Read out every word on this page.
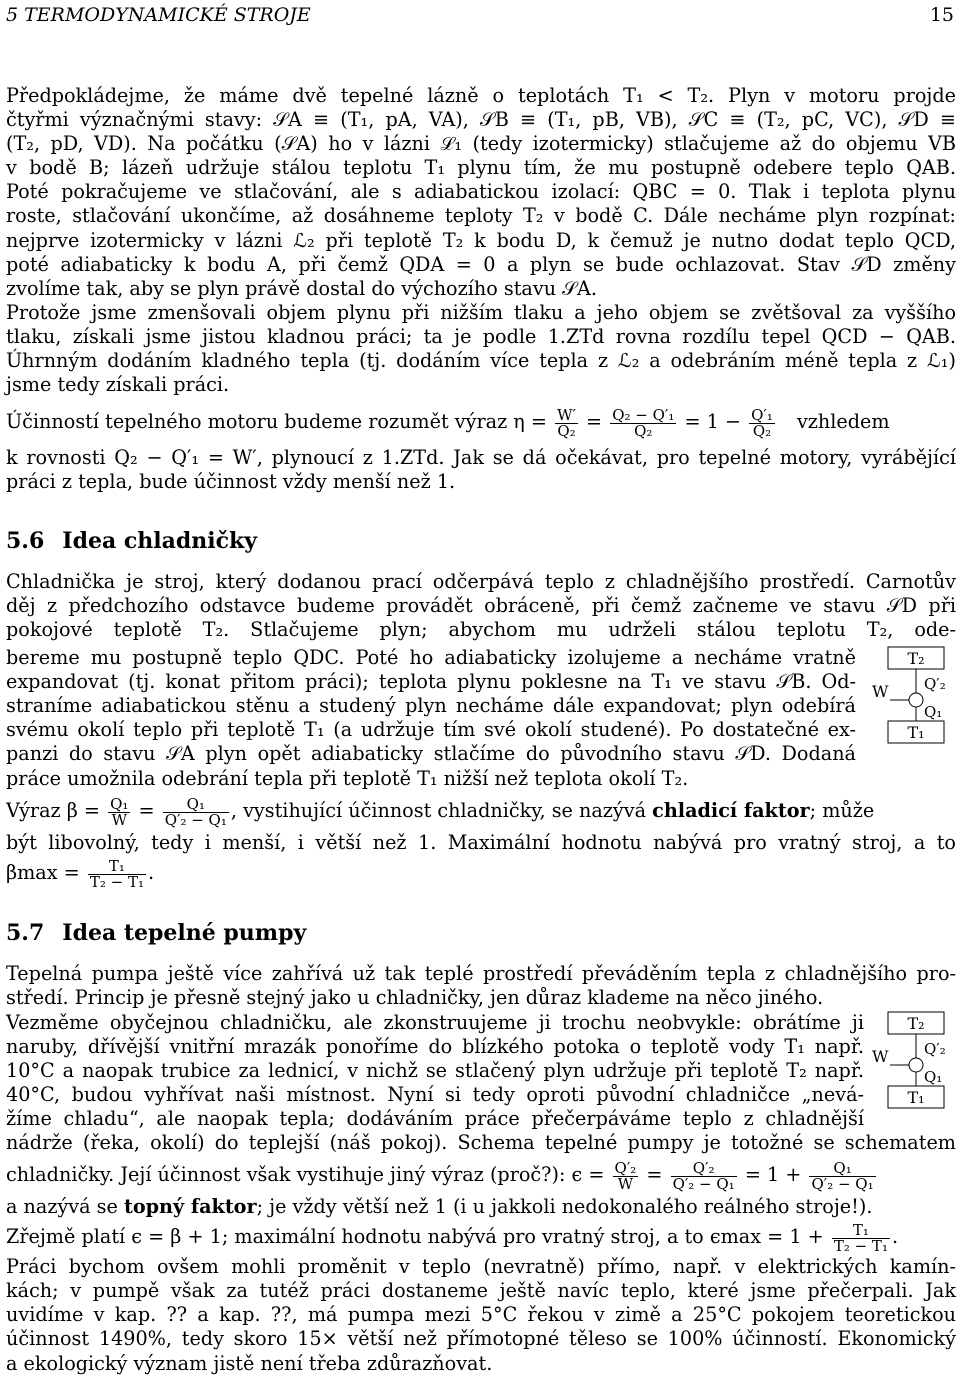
5 TERMODYNAMICKÉ STROJE	15
Předpokládejme, že máme dvě tepelné lázně o teplotách T₁ < T₂. Plyn v motoru projde
čtyřmi význačnými stavy: 𝒮A ≡ (T₁, pA, VA), 𝒮B ≡ (T₁, pB, VB), 𝒮C ≡ (T₂, pC, VC), 𝒮D ≡
(T₂, pD, VD). Na počátku (𝒮A) ho v lázni ℒ₁ (tedy izotermicky) stlačujeme až do objemu VB
v bodě B; lázeň udržuje stálou teplotu T₁ plynu tím, že mu postupně odebere teplo QAB.
Poté pokračujeme ve stlačování, ale s adiabatickou izolací: QBC = 0. Tlak i teplota plynu
roste, stlačování ukončíme, až dosáhneme teploty T₂ v bodě C. Dále necháme plyn rozpínat:
nejprve izotermicky v lázni ℒ₂ při teplotě T₂ k bodu D, k čemuž je nutno dodat teplo QCD,
poté adiabaticky k bodu A, při čemž QDA = 0 a plyn se bude ochlazovat. Stav 𝒮D změny
zvolíme tak, aby se plyn právě dostal do výchozího stavu 𝒮A.
Protože jsme zmenšovali objem plynu při nižším tlaku a jeho objem se zvětšoval za vyššího
tlaku, získali jsme jistou kladnou práci; ta je podle 1.ZTd rovna rozdílu tepel QCD − QAB.
Úhrnným dodáním kladného tepla (tj. dodáním více tepla z ℒ₂ a odebráním méně tepla z ℒ₁)
jsme tedy získali práci.
Účinností tepelného motoru budeme rozumět výraz $\eta = \frac{W'}{\text{Q₂}} = \frac{\text{Q₂ − Q′₁}}{\text{Q₂}} = 1 - \frac{\text{Q′₁}}{\text{Q₂}}$ vzhledem
k rovnosti Q₂ − Q′₁ = W′, plynoucí z 1.ZTd. Jak se dá očekávat, pro tepelné motory, vyrábějící
práci z tepla, bude účinnost vždy menší než 1.
5.6 Idea chladničky
Chladnička je stroj, který dodanou prací odčerpává teplo z chladnějšího prostředí. Carnotův
děj z předchozího odstavce budeme provádět obráceně, při čemž začneme ve stavu 𝒮D při
pokojové teplotě T₂. Stlačujeme plyn; abychom mu udrželi stálou teplotu T₂, ode-
bereme mu postupně teplo QDC. Poté ho adiabaticky izolujeme a necháme vratně
expandovat (tj. konat přitom práci); teplota plynu poklesne na T₁ ve stavu 𝒮B. Od-
straníme adiabatickou stěnu a studený plyn necháme dále expandovat; plyn odebírá
svému okolí teplo při teplotě T₁ (a udržuje tím své okolí studené). Po dostatečné ex-
panzi do stavu 𝒮A plyn opět adiabaticky stlačíme do původního stavu 𝒮D. Dodaná
práce umožnila odebrání tepla při teplotě T₁ nižší než teplota okolí T₂.
Výraz $\beta = \frac{\text{Q₁}}{W} = \frac{\text{Q₁}}{\text{Q′₂ − Q₁}}$ , vystihující účinnost chladničky, se nazývá chladicí faktor; může
být libovolný, tedy i menší, i větší než 1. Maximální hodnotu nabývá pro vratný stroj, a to
$\beta\max = \frac{\text{T₁}}{\text{T₂ − T₁}}$ .
T₂
W Q′₂
Q₁
T₁
5.7 Idea tepelné pumpy
Tepelná pumpa ještě více zahřívá už tak teplé prostředí převáděním tepla z chladnějšího pro-
středí. Princip je přesně stejný jako u chladničky, jen důraz klademe na něco jiného.
Vezměme obyčejnou chladničku, ale zkonstruujeme ji trochu neobvykle: obrátíme ji
naruby, dřívější vnitřní mrazák ponoříme do blízkého potoka o teplotě vody T₁ např.
10°C a naopak trubice za lednicí, v nichž se stlačený plyn udržuje při teplotě T₂ např.
40°C, budou vyhřívat naši místnost. Nyní si tedy oproti původní chladničce „nevá-
žíme chladu“, ale naopak tepla; dodáváním práce přečerpáváme teplo z chladnější
nádrže (řeka, okolí) do teplejší (náš pokoj). Schema tepelné pumpy je totožné se schematem
chladničky. Její účinnost však vystihuje jiný výraz (proč?): $\epsilon = \frac{\text{Q′₂}}{W} = \frac{\text{Q′₂}}{\text{Q′₂ − Q₁}} = 1 + \frac{\text{Q₁}}{\text{Q′₂ − Q₁}}$
a nazývá se topný faktor; je vždy větší než 1 (i u jakkoli nedokonalého reálného stroje!).
Zřejmě platí ϵ = β + 1; maximální hodnotu nabývá pro vratný stroj, a to $\epsilon\max = 1 + \frac{\text{T₁}}{\text{T₂ − T₁}}$ .
Práci bychom ovšem mohli proměnit v teplo (nevratně) přímo, např. v elektrických kamín-
kách; v pumpě však za tutéž práci dostaneme ještě navíc teplo, které jsme přečerpali. Jak
uvidíme v kap. ?? a kap. ??, má pumpa mezi 5°C řekou v zimě a 25°C pokojem teoretickou
účinnost 1490%, tedy skoro 15× větší než přímotopné těleso se 100% účinností. Ekonomický
a ekologický význam jistě není třeba zdůrazňovat.
T₂
W Q′₂
Q₁
T₁
